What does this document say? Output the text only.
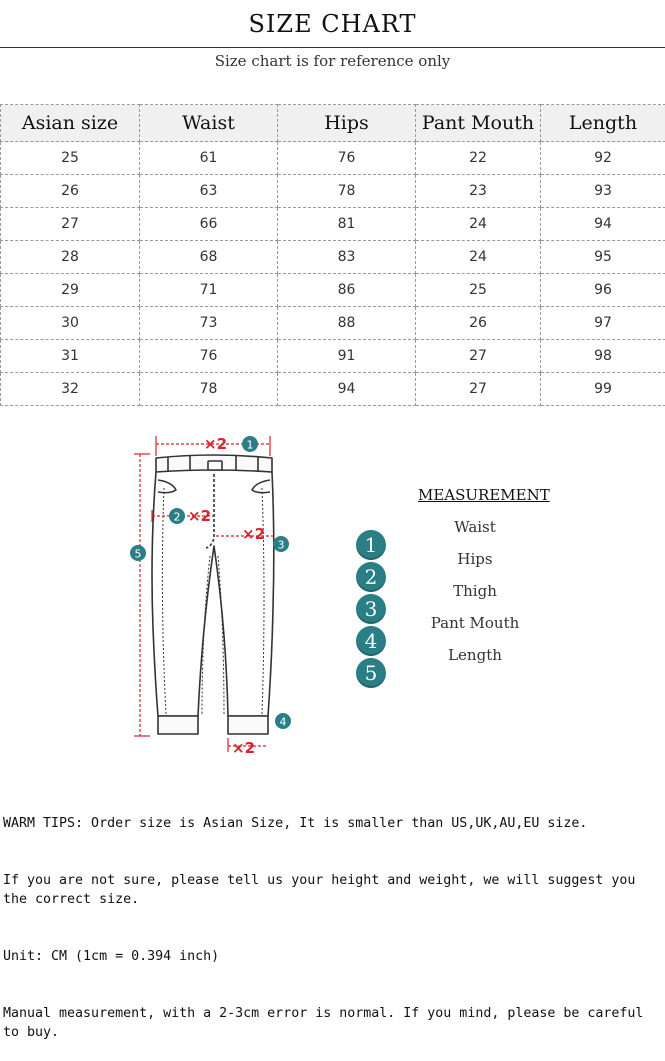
SIZE CHART
Size chart is for reference only
Asian size	Waist	Hips	Pant Mouth	Length
25	61	76	22	92
26	63	78	23	93
27	66	81	24	94
28	68	83	24	95
29	71	86	25	96
30	73	88	26	97
31	76	91	27	98
32	78	94	27	99
×2
×2
×2
×2
1
2
3
4
5
MEASUREMENT
1
Waist
2
Hips
3
Thigh
4
Pant Mouth
5
Length

WARM TIPS: Order size is Asian Size, It is smaller than US,UK,AU,EU size.

If you are not sure, please tell us your height and weight, we will suggest you the correct size.

Unit: CM (1cm = 0.394 inch)

Manual measurement, with a 2-3cm error is normal. If you mind, please be careful to buy.
